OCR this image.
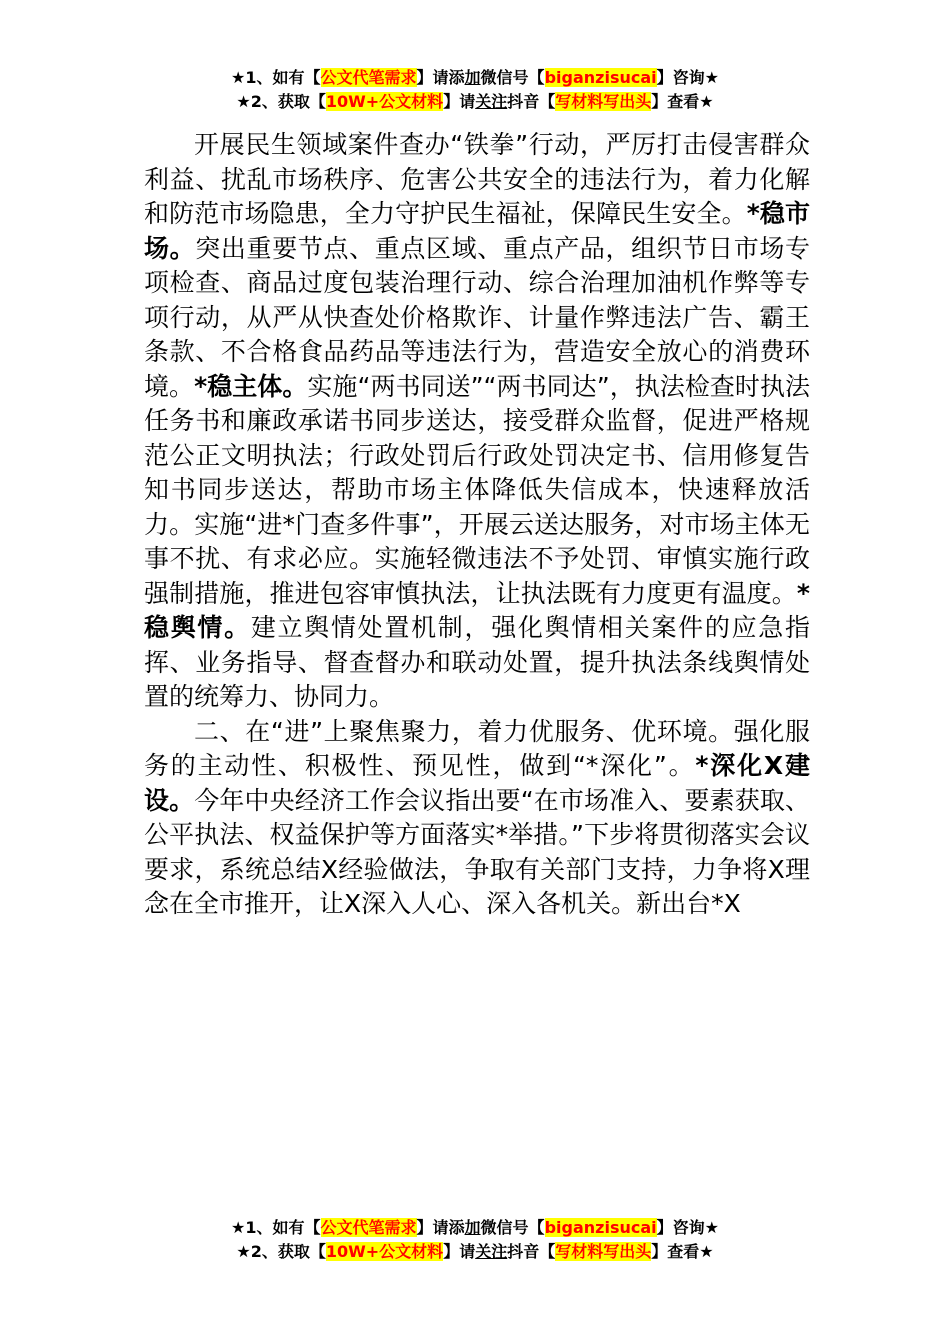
★1、如有【公文代笔需求】请添加微信号【biganzisucai】咨询★
★2、获取【10W+公文材料】请关注抖音【写材料写出头】查看★

开展民生领域案件查办“铁拳”行动，严厉打击侵害群众利益、扰乱市场秩序、危害公共安全的违法行为，着力化解和防范市场隐患，全力守护民生福祉，保障民生安全。*稳市场。突出重要节点、重点区域、重点产品，组织节日市场专项检查、商品过度包装治理行动、综合治理加油机作弊等专项行动，从严从快查处价格欺诈、计量作弊违法广告、霸王条款、不合格食品药品等违法行为，营造安全放心的消费环境。*稳主体。实施“两书同送”“两书同达”，执法检查时执法任务书和廉政承诺书同步送达，接受群众监督，促进严格规范公正文明执法；行政处罚后行政处罚决定书、信用修复告知书同步送达，帮助市场主体降低失信成本，快速释放活力。实施“进*门查多件事”，开展云送达服务，对市场主体无事不扰、有求必应。实施轻微违法不予处罚、审慎实施行政强制措施，推进包容审慎执法，让执法既有力度更有温度。*稳舆情。建立舆情处置机制，强化舆情相关案件的应急指挥、业务指导、督查督办和联动处置，提升执法条线舆情处置的统筹力、协同力。

二、在“进”上聚焦聚力，着力优服务、优环境。强化服务的主动性、积极性、预见性，做到“*深化”。*深化X建设。今年中央经济工作会议指出要“在市场准入、要素获取、公平执法、权益保护等方面落实*举措。”下步将贯彻落实会议要求，系统总结X经验做法，争取有关部门支持，力争将X理念在全市推开，让X深入人心、深入各机关。新出台*X

★1、如有【公文代笔需求】请添加微信号【biganzisucai】咨询★
★2、获取【10W+公文材料】请关注抖音【写材料写出头】查看★
